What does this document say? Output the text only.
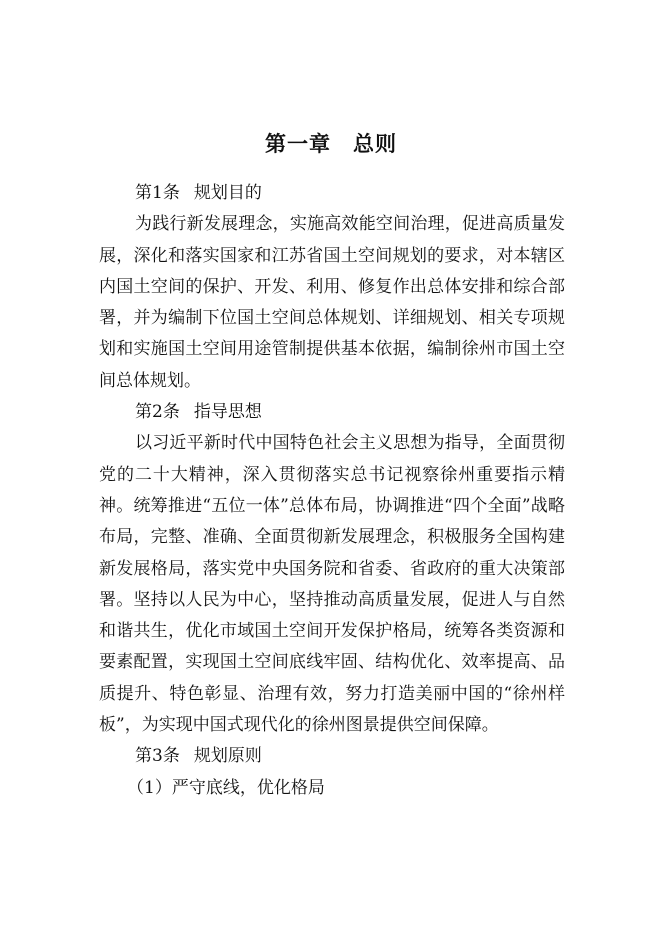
第一章 总则
第1条 规划目的

为践行新发展理念，实施高效能空间治理，促进高质量发展，深化和落实国家和江苏省国土空间规划的要求，对本辖区内国土空间的保护、开发、利用、修复作出总体安排和综合部署，并为编制下位国土空间总体规划、详细规划、相关专项规划和实施国土空间用途管制提供基本依据，编制徐州市国土空间总体规划。

第2条 指导思想

以习近平新时代中国特色社会主义思想为指导，全面贯彻党的二十大精神，深入贯彻落实总书记视察徐州重要指示精神。统筹推进“五位一体”总体布局，协调推进“四个全面”战略布局，完整、准确、全面贯彻新发展理念，积极服务全国构建新发展格局，落实党中央国务院和省委、省政府的重大决策部署。坚持以人民为中心，坚持推动高质量发展，促进人与自然和谐共生，优化市域国土空间开发保护格局，统筹各类资源和要素配置，实现国土空间底线牢固、结构优化、效率提高、品质提升、特色彰显、治理有效，努力打造美丽中国的“徐州样板”，为实现中国式现代化的徐州图景提供空间保障。

第3条 规划原则

（1）严守底线，优化格局
